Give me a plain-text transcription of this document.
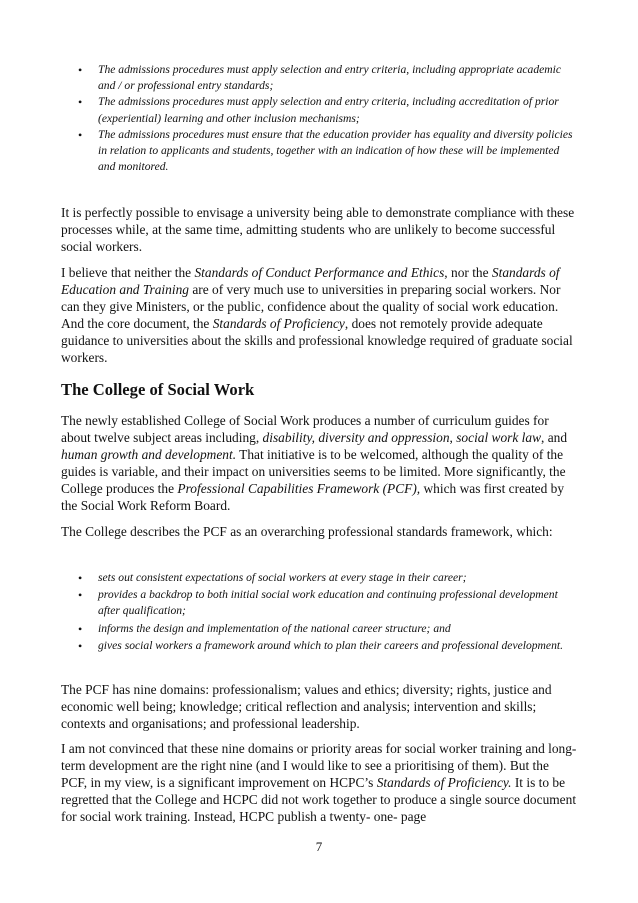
• The admissions procedures must apply selection and entry criteria, including appropriate academic and / or professional entry standards;
• The admissions procedures must apply selection and entry criteria, including accreditation of prior (experiential) learning and other inclusion mechanisms;
• The admissions procedures must ensure that the education provider has equality and diversity policies in relation to applicants and students, together with an indication of how these will be implemented and monitored.

It is perfectly possible to envisage a university being able to demonstrate compliance with these processes while, at the same time, admitting students who are unlikely to become successful social workers.

I believe that neither the Standards of Conduct Performance and Ethics, nor the Standards of Education and Training are of very much use to universities in preparing social workers. Nor can they give Ministers, or the public, confidence about the quality of social work education. And the core document, the Standards of Proficiency, does not remotely provide adequate guidance to universities about the skills and professional knowledge required of graduate social workers.

The College of Social Work

The newly established College of Social Work produces a number of curriculum guides for about twelve subject areas including, disability, diversity and oppression, social work law, and human growth and development. That initiative is to be welcomed, although the quality of the guides is variable, and their impact on universities seems to be limited. More significantly, the College produces the Professional Capabilities Framework (PCF), which was first created by the Social Work Reform Board.

The College describes the PCF as an overarching professional standards framework, which:

• sets out consistent expectations of social workers at every stage in their career;
• provides a backdrop to both initial social work education and continuing professional development after qualification;
• informs the design and implementation of the national career structure; and
• gives social workers a framework around which to plan their careers and professional development.

The PCF has nine domains: professionalism; values and ethics; diversity; rights, justice and economic well being; knowledge; critical reflection and analysis; intervention and skills; contexts and organisations; and professional leadership.

I am not convinced that these nine domains or priority areas for social worker training and long-term development are the right nine (and I would like to see a prioritising of them). But the PCF, in my view, is a significant improvement on HCPC’s Standards of Proficiency. It is to be regretted that the College and HCPC did not work together to produce a single source document for social work training. Instead, HCPC publish a twenty- one- page

7
